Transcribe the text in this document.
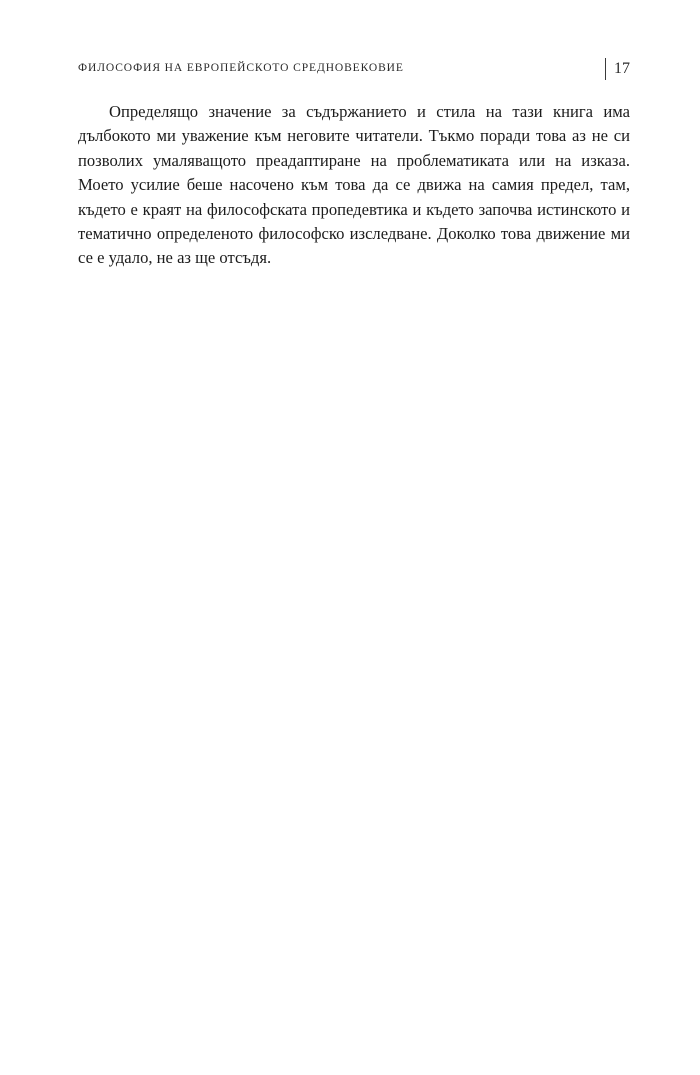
ФИЛОСОФИЯ НА ЕВРОПЕЙСКОТО СРЕДНОВЕКОВИЕ	17

Определящо значение за съдържанието и стила на тази книга има дълбокото ми уважение към неговите читатели. Тъкмо поради това аз не си позволих умаляващото преадаптиране на проблематиката или на изказа. Моето усилие беше насочено към това да се движа на самия предел, там, където е краят на философската пропедевтика и където започва истинското и тематично определеното философско изследване. Доколко това движение ми се е удало, не аз ще отсъдя.
